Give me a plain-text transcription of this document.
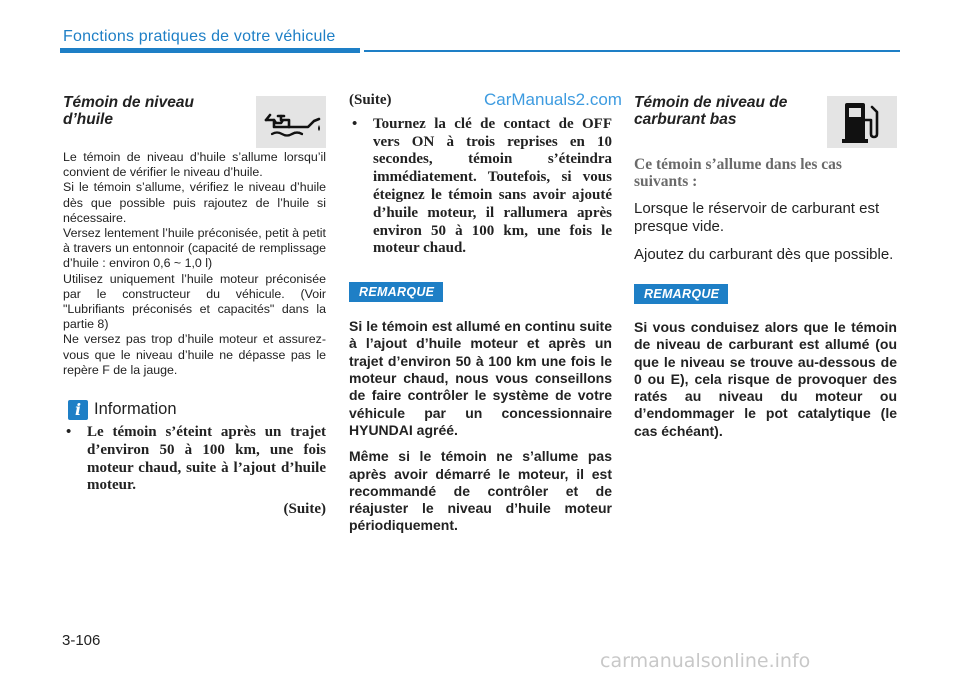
Fonctions pratiques de votre véhicule
Témoin de niveau d’huile

Le témoin de niveau d’huile s’allume lorsqu’il convient de vérifier le niveau d’huile.

Si le témoin s’allume, vérifiez le niveau d’huile dès que possible puis rajoutez de l’huile si nécessaire.

Versez lentement l’huile préconisée, petit à petit à travers un entonnoir (capacité de remplissage d’huile : environ 0,6 ~ 1,0 l)

Utilisez uniquement l’huile moteur préconisée par le constructeur du véhicule. (Voir "Lubrifiants préconisés et capacités" dans la partie 8)

Ne versez pas trop d’huile moteur et assurez-vous que le niveau d’huile ne dépasse pas le repère F de la jauge.

i Information

• Le témoin s’éteint après un trajet d’environ 50 à 100 km, une fois moteur chaud, suite à l’ajout d’huile moteur.

(Suite)
(Suite)

• Tournez la clé de contact de OFF vers ON à trois reprises en 10 secondes, témoin s’éteindra immédiatement. Toutefois, si vous éteignez le témoin sans avoir ajouté d’huile moteur, il rallumera après environ 50 à 100 km, une fois le moteur chaud.

REMARQUE

Si le témoin est allumé en continu suite à l’ajout d’huile moteur et après un trajet d’environ 50 à 100 km une fois le moteur chaud, nous vous conseillons de faire contrôler le système de votre véhicule par un concessionnaire HYUNDAI agréé.

Même si le témoin ne s’allume pas après avoir démarré le moteur, il est recommandé de contrôler et de réajuster le niveau d’huile moteur périodiquement.

CarManuals2.com Témoin de niveau de carburant bas

Ce témoin s’allume dans les cas suivants :

Lorsque le réservoir de carburant est presque vide.

Ajoutez du carburant dès que possible.

REMARQUE

Si vous conduisez alors que le témoin de niveau de carburant est allumé (ou que le niveau se trouve au-dessous de 0 ou E), cela risque de provoquer des ratés au niveau du moteur ou d’endommager le pot catalytique (le cas échéant).

3-106
carmanualsonline.info
